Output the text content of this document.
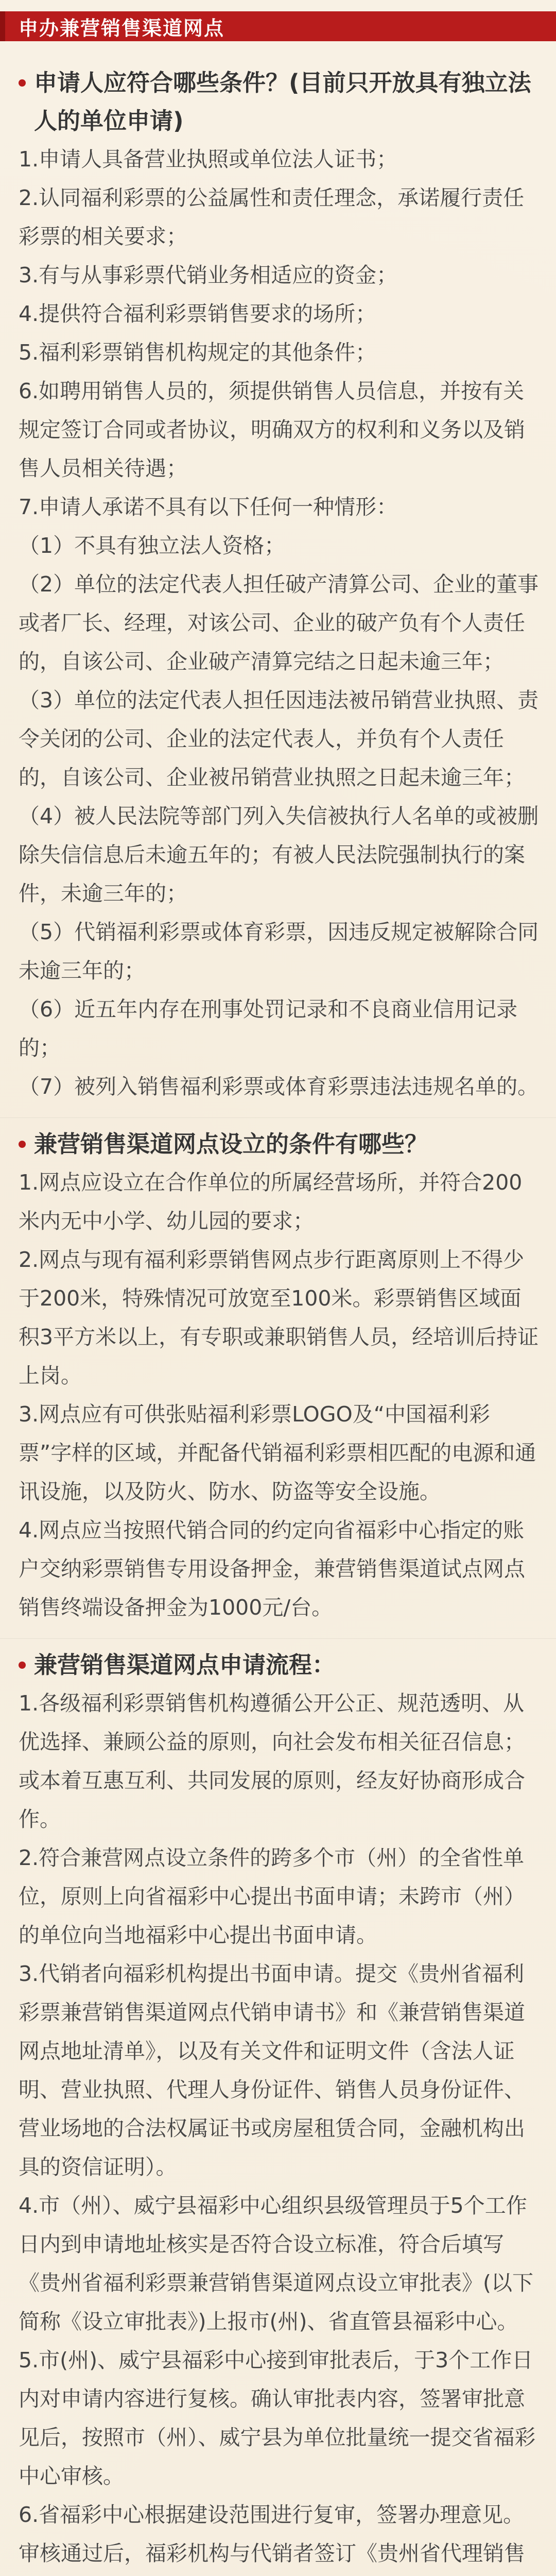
申办兼营销售渠道网点
申请人应符合哪些条件？(目前只开放具有独立法人的单位申请)
1.申请人具备营业执照或单位法人证书；
2.认同福利彩票的公益属性和责任理念，承诺履行责任彩票的相关要求；
3.有与从事彩票代销业务相适应的资金；
4.提供符合福利彩票销售要求的场所；
5.福利彩票销售机构规定的其他条件；
6.如聘用销售人员的，须提供销售人员信息，并按有关规定签订合同或者协议，明确双方的权利和义务以及销售人员相关待遇；
7.申请人承诺不具有以下任何一种情形：
（1）不具有独立法人资格；
（2）单位的法定代表人担任破产清算公司、企业的董事或者厂长、经理，对该公司、企业的破产负有个人责任的，自该公司、企业破产清算完结之日起未逾三年；
（3）单位的法定代表人担任因违法被吊销营业执照、责令关闭的公司、企业的法定代表人，并负有个人责任的，自该公司、企业被吊销营业执照之日起未逾三年；
（4）被人民法院等部门列入失信被执行人名单的或被删除失信信息后未逾五年的；有被人民法院强制执行的案件，未逾三年的；
（5）代销福利彩票或体育彩票，因违反规定被解除合同未逾三年的；
（6）近五年内存在刑事处罚记录和不良商业信用记录的；
（7）被列入销售福利彩票或体育彩票违法违规名单的。
兼营销售渠道网点设立的条件有哪些？
1.网点应设立在合作单位的所属经营场所，并符合200米内无中小学、幼儿园的要求；
2.网点与现有福利彩票销售网点步行距离原则上不得少于200米，特殊情况可放宽至100米。彩票销售区域面积3平方米以上，有专职或兼职销售人员，经培训后持证上岗。
3.网点应有可供张贴福利彩票LOGO及“中国福利彩票”字样的区域，并配备代销福利彩票相匹配的电源和通讯设施，以及防火、防水、防盗等安全设施。
4.网点应当按照代销合同的约定向省福彩中心指定的账户交纳彩票销售专用设备押金，兼营销售渠道试点网点销售终端设备押金为1000元/台。
兼营销售渠道网点申请流程：
1.各级福利彩票销售机构遵循公开公正、规范透明、从优选择、兼顾公益的原则，向社会发布相关征召信息；或本着互惠互利、共同发展的原则，经友好协商形成合作。
2.符合兼营网点设立条件的跨多个市（州）的全省性单位，原则上向省福彩中心提出书面申请；未跨市（州）的单位向当地福彩中心提出书面申请。
3.代销者向福彩机构提出书面申请。提交《贵州省福利彩票兼营销售渠道网点代销申请书》和《兼营销售渠道网点地址清单》，以及有关文件和证明文件（含法人证明、营业执照、代理人身份证件、销售人员身份证件、营业场地的合法权属证书或房屋租赁合同，金融机构出具的资信证明）。
4.市（州）、威宁县福彩中心组织县级管理员于5个工作日内到申请地址核实是否符合设立标准，符合后填写《贵州省福利彩票兼营销售渠道网点设立审批表》(以下简称《设立审批表》)上报市(州)、省直管县福彩中心。
5.市(州)、威宁县福彩中心接到审批表后，于3个工作日内对申请内容进行复核。确认审批表内容，签署审批意见后，按照市（州）、威宁县为单位批量统一提交省福彩中心审核。
6.省福彩中心根据建设范围进行复审，签署办理意见。审核通过后，福彩机构与代销者签订《贵州省代理销售
